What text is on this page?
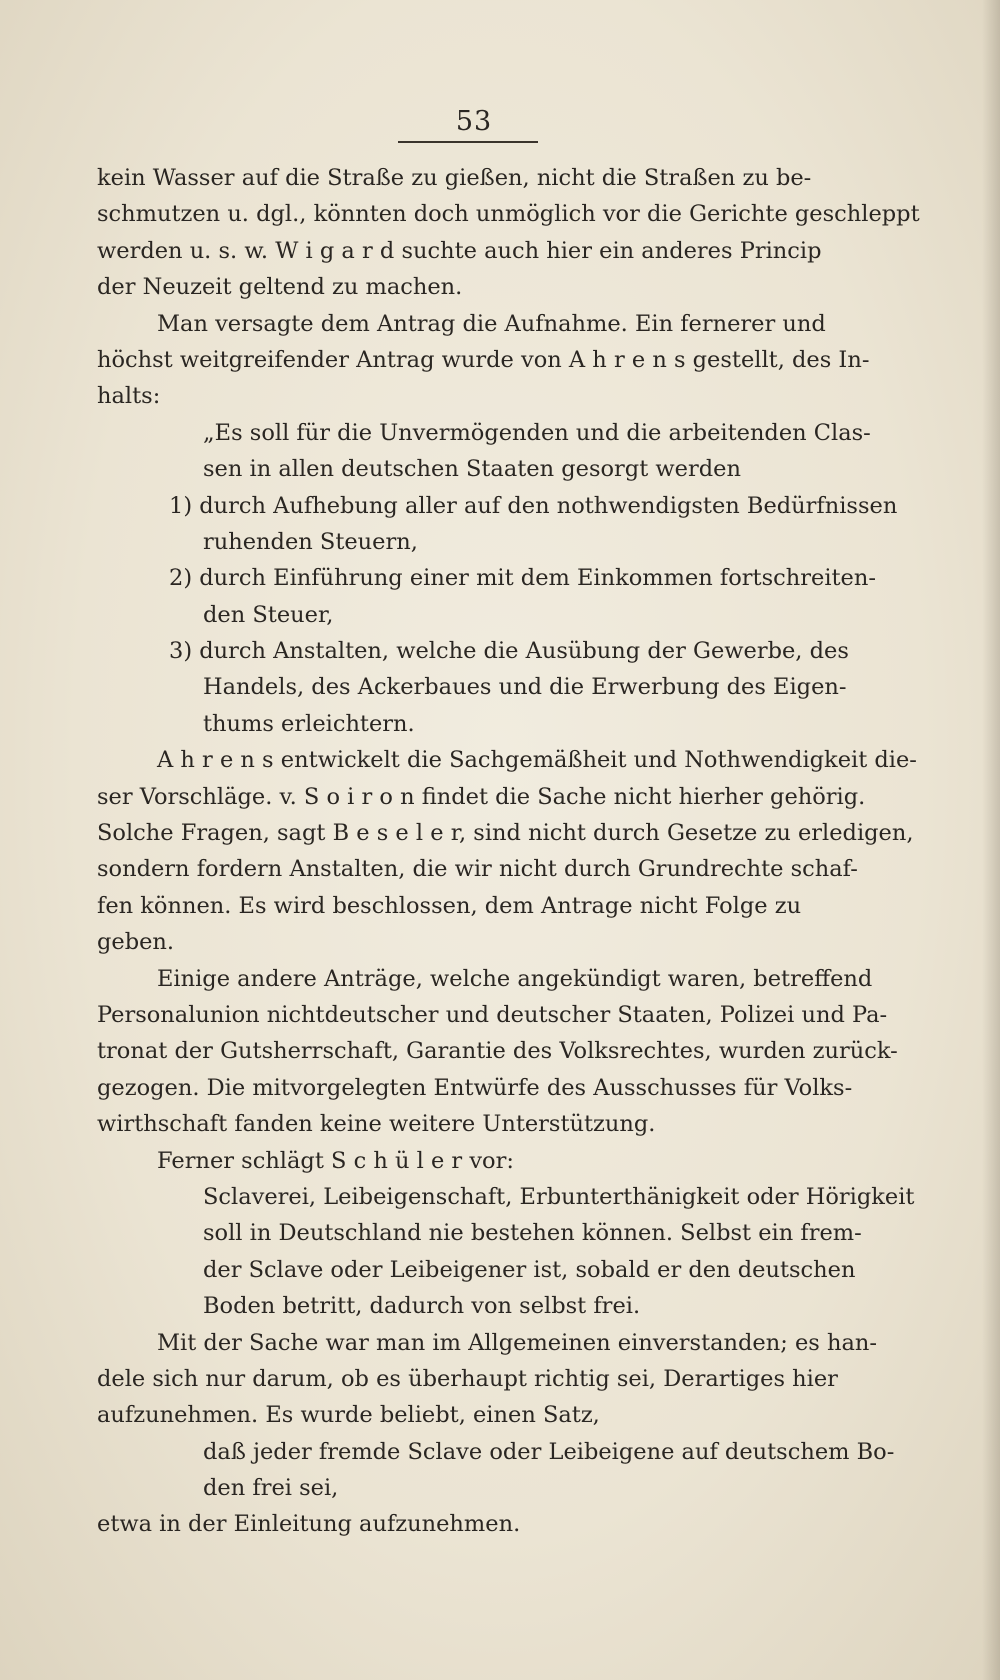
53
kein Wasser auf die Straße zu gießen, nicht die Straßen zu be-
schmutzen u. dgl., könnten doch unmöglich vor die Gerichte geschleppt
werden u. s. w. W i g a r d suchte auch hier ein anderes Princip
der Neuzeit geltend zu machen.
Man versagte dem Antrag die Aufnahme. Ein fernerer und
höchst weitgreifender Antrag wurde von A h r e n s gestellt, des In-
halts:
„Es soll für die Unvermögenden und die arbeitenden Clas-
sen in allen deutschen Staaten gesorgt werden
1) durch Aufhebung aller auf den nothwendigsten Bedürfnissen
ruhenden Steuern,
2) durch Einführung einer mit dem Einkommen fortschreiten-
den Steuer,
3) durch Anstalten, welche die Ausübung der Gewerbe, des
Handels, des Ackerbaues und die Erwerbung des Eigen-
thums erleichtern.
A h r e n s entwickelt die Sachgemäßheit und Nothwendigkeit die-
ser Vorschläge. v. S o i r o n findet die Sache nicht hierher gehörig.
Solche Fragen, sagt B e s e l e r, sind nicht durch Gesetze zu erledigen,
sondern fordern Anstalten, die wir nicht durch Grundrechte schaf-
fen können. Es wird beschlossen, dem Antrage nicht Folge zu
geben.
Einige andere Anträge, welche angekündigt waren, betreffend
Personalunion nichtdeutscher und deutscher Staaten, Polizei und Pa-
tronat der Gutsherrschaft, Garantie des Volksrechtes, wurden zurück-
gezogen. Die mitvorgelegten Entwürfe des Ausschusses für Volks-
wirthschaft fanden keine weitere Unterstützung.
Ferner schlägt S c h ü l e r vor:
Sclaverei, Leibeigenschaft, Erbunterthänigkeit oder Hörigkeit
soll in Deutschland nie bestehen können. Selbst ein frem-
der Sclave oder Leibeigener ist, sobald er den deutschen
Boden betritt, dadurch von selbst frei.
Mit der Sache war man im Allgemeinen einverstanden; es han-
dele sich nur darum, ob es überhaupt richtig sei, Derartiges hier
aufzunehmen. Es wurde beliebt, einen Satz,
daß jeder fremde Sclave oder Leibeigene auf deutschem Bo-
den frei sei,
etwa in der Einleitung aufzunehmen.
